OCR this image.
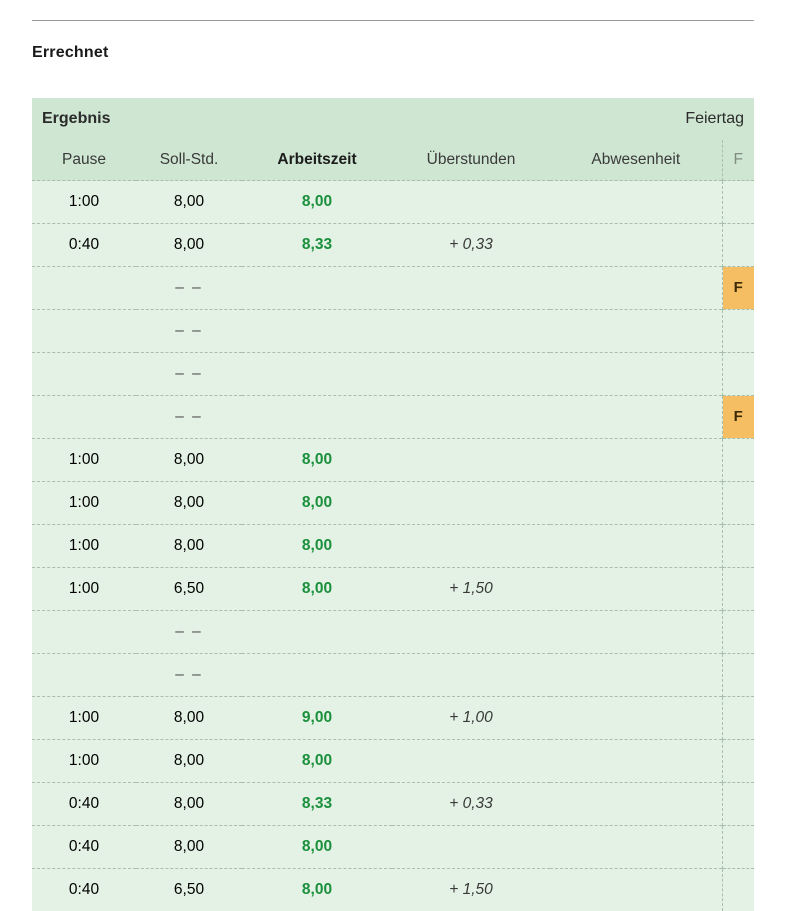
Errechnet
Ergebnis			Feiertag		
Pause	Soll-Std.	Arbeitszeit	Überstunden	Abwesenheit	F
1:00	8,00	8,00			

0:40	8,00	8,33	+ 0,33		

	– –				F

	– –				

	– –				

	– –				F

1:00	8,00	8,00			

1:00	8,00	8,00			

1:00	8,00	8,00			

1:00	6,50	8,00	+ 1,50		

	– –				

	– –				

1:00	8,00	9,00	+ 1,00		

1:00	8,00	8,00			

0:40	8,00	8,33	+ 0,33		

0:40	8,00	8,00			

0:40	6,50	8,00	+ 1,50		
